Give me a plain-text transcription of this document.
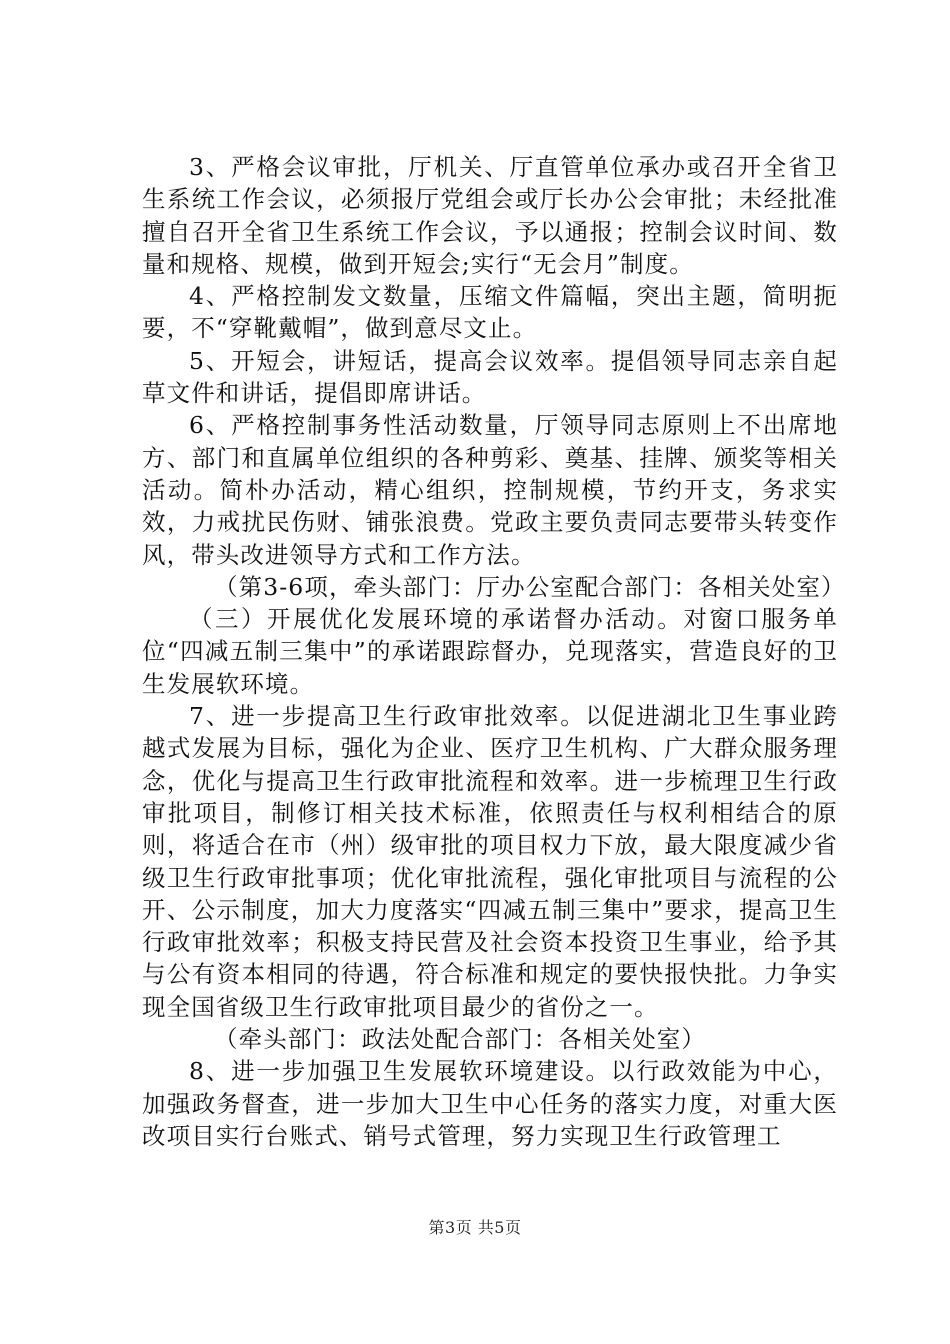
3、严格会议审批，厅机关、厅直管单位承办或召开全省卫生系统工作会议，必须报厅党组会或厅长办公会审批；未经批准擅自召开全省卫生系统工作会议，予以通报；控制会议时间、数量和规格、规模，做到开短会;实行“无会月”制度。

4、严格控制发文数量，压缩文件篇幅，突出主题，简明扼要，不“穿靴戴帽”，做到意尽文止。

5、开短会，讲短话，提高会议效率。提倡领导同志亲自起草文件和讲话，提倡即席讲话。

6、严格控制事务性活动数量，厅领导同志原则上不出席地方、部门和直属单位组织的各种剪彩、奠基、挂牌、颁奖等相关活动。简朴办活动，精心组织，控制规模，节约开支，务求实效，力戒扰民伤财、铺张浪费。党政主要负责同志要带头转变作风，带头改进领导方式和工作方法。

（第3-6项，牵头部门：厅办公室配合部门：各相关处室）

（三）开展优化发展环境的承诺督办活动。对窗口服务单位“四减五制三集中”的承诺跟踪督办，兑现落实，营造良好的卫生发展软环境。

7、进一步提高卫生行政审批效率。以促进湖北卫生事业跨越式发展为目标，强化为企业、医疗卫生机构、广大群众服务理念，优化与提高卫生行政审批流程和效率。进一步梳理卫生行政审批项目，制修订相关技术标准，依照责任与权利相结合的原则，将适合在市（州）级审批的项目权力下放，最大限度减少省级卫生行政审批事项；优化审批流程，强化审批项目与流程的公开、公示制度，加大力度落实“四减五制三集中”要求，提高卫生行政审批效率；积极支持民营及社会资本投资卫生事业，给予其与公有资本相同的待遇，符合标准和规定的要快报快批。力争实现全国省级卫生行政审批项目最少的省份之一。

（牵头部门：政法处配合部门：各相关处室）

8、进一步加强卫生发展软环境建设。以行政效能为中心，加强政务督查，进一步加大卫生中心任务的落实力度，对重大医改项目实行台账式、销号式管理，努力实现卫生行政管理工

第3页 共5页
